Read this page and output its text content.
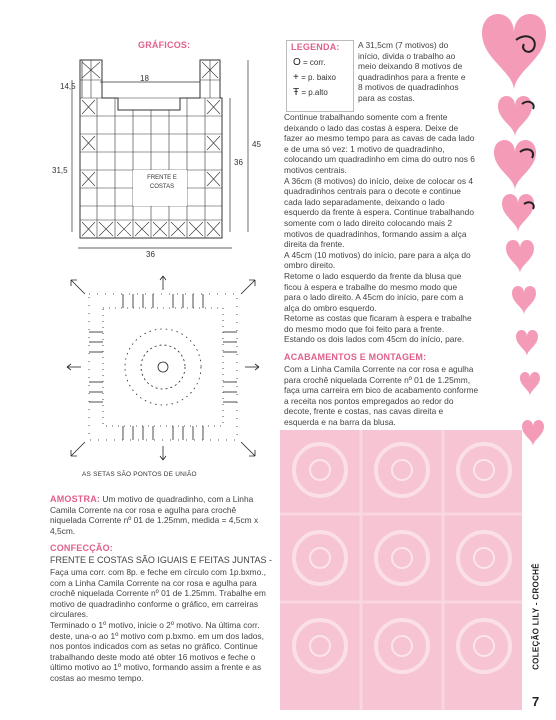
GRÁFICOS:
18
14,5
31,5
36
45
36
FRENTE E
COSTAS
AS SETAS SÃO PONTOS DE UNIÃO
LEGENDA:
O = corr.
+ = p. baixo
Ŧ = p.alto
A 31,5cm (7 motivos) do início, divida o trabalho ao meio deixando 8 motivos de quadradinhos para a frente e 8 motivos de quadradinhos para as costas.
Continue trabalhando somente com a frente deixando o lado das costas à espera. Deixe de fazer ao mesmo tempo para as cavas de cada lado e de uma só vez: 1 motivo de quadradinho, colocando um quadradinho em cima do outro nos 6 motivos centrais.
A 36cm (8 motivos) do início, deixe de colocar os 4 quadradinhos centrais para o decote e continue cada lado separadamente, deixando o lado esquerdo da frente à espera. Continue trabalhando somente com o lado direito colocando mais 2 motivos de quadradinhos, formando assim a alça direita da frente.
A 45cm (10 motivos) do início, pare para a alça do ombro direito.
Retome o lado esquerdo da frente da blusa que ficou à espera e trabalhe do mesmo modo que para o lado direito. A 45cm do início, pare com a alça do ombro esquerdo.
Retome as costas que ficaram à espera e trabalhe do mesmo modo que foi feito para a frente. Estando os dois lados com 45cm do início, pare.
ACABAMENTOS E MONTAGEM:
Com a Linha Camila Corrente na cor rosa e agulha para crochê niquelada Corrente nº 01 de 1.25mm, faça uma carreira em bico de acabamento conforme a receita nos pontos empregados ao redor do decote, frente e costas, nas cavas direita e esquerda e na barra da blusa.
AMOSTRA: Um motivo de quadradinho, com a Linha Camila Corrente na cor rosa e agulha para crochê niquelada Corrente nº 01 de 1.25mm, medida = 4,5cm x 4,5cm.
CONFECÇÃO:
FRENTE E COSTAS SÃO IGUAIS E FEITAS JUNTAS -
Faça uma corr. com 8p. e feche em círculo com 1p.bxmo., com a Linha Camila Corrente na cor rosa e agulha para crochê niquelada Corrente nº 01 de 1.25mm. Trabalhe em motivo de quadradinho conforme o gráfico, em carreiras circulares.
Terminado o 1º motivo, inicie o 2º motivo. Na última corr. deste, una-o ao 1º motivo com p.bxmo. em um dos lados, nos pontos indicados com as setas no gráfico. Continue trabalhando deste modo até obter 16 motivos e feche o último motivo ao 1º motivo, formando assim a frente e as costas ao mesmo tempo.
COLEÇÃO LILY - CROCHÊ
7
